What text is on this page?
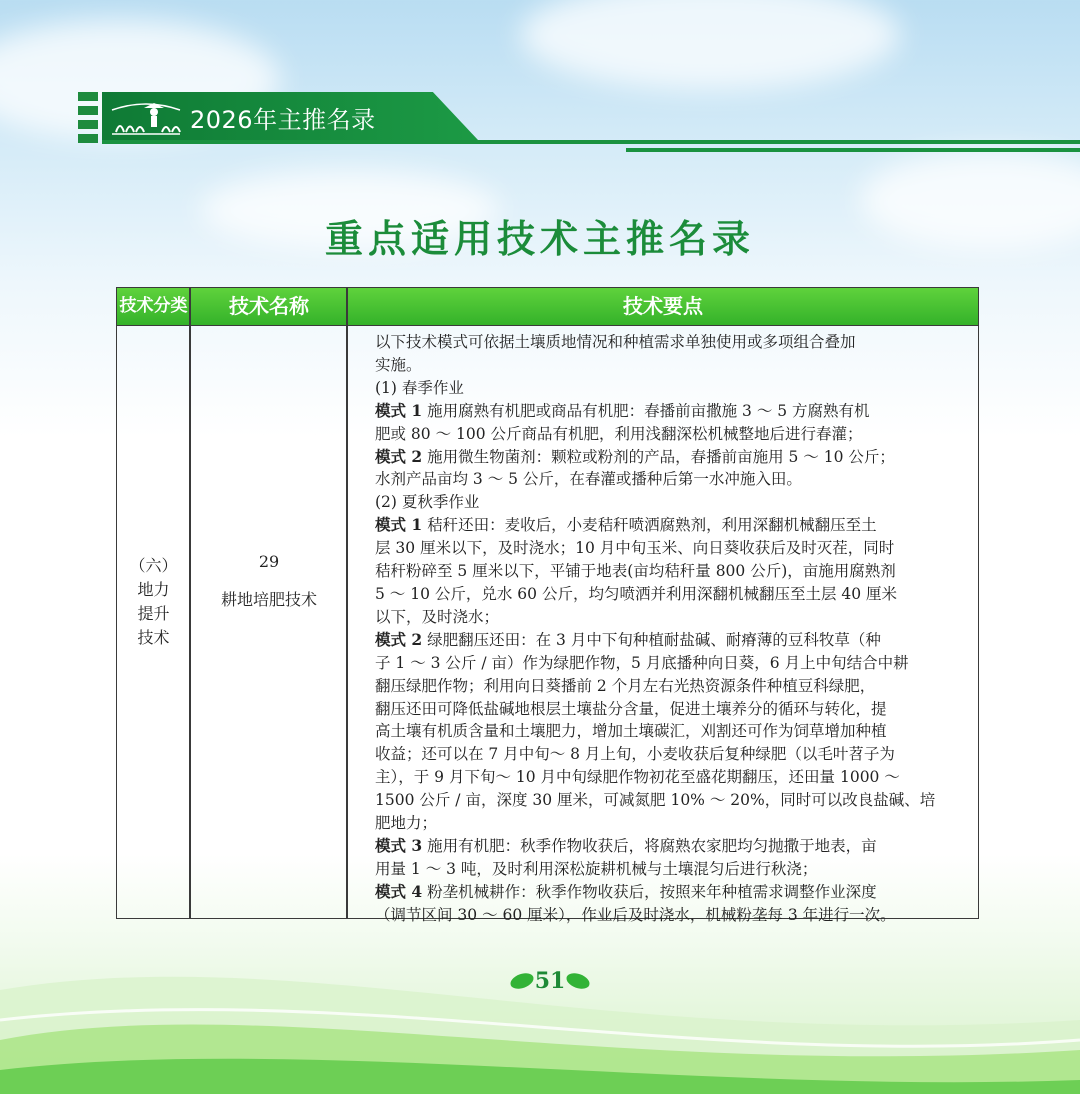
2026年主推名录
重点适用技术主推名录
技术分类	技术名称	技术要点
（六）
地力
提升
技术
29
耕地培肥技术
以下技术模式可依据土壤质地情况和种植需求单独使用或多项组合叠加
实施。
(1) 春季作业
模式 1 施用腐熟有机肥或商品有机肥：春播前亩撒施 3 ～ 5 方腐熟有机
肥或 80 ～ 100 公斤商品有机肥，利用浅翻深松机械整地后进行春灌；
模式 2 施用微生物菌剂：颗粒或粉剂的产品，春播前亩施用 5 ～ 10 公斤；
水剂产品亩均 3 ～ 5 公斤，在春灌或播种后第一水冲施入田。
(2) 夏秋季作业
模式 1 秸秆还田：麦收后，小麦秸秆喷洒腐熟剂，利用深翻机械翻压至土
层 30 厘米以下，及时浇水；10 月中旬玉米、向日葵收获后及时灭茬，同时
秸秆粉碎至 5 厘米以下，平铺于地表(亩均秸秆量 800 公斤)，亩施用腐熟剂
5 ～ 10 公斤，兑水 60 公斤，均匀喷洒并利用深翻机械翻压至土层 40 厘米
以下，及时浇水；
模式 2 绿肥翻压还田：在 3 月中下旬种植耐盐碱、耐瘠薄的豆科牧草（种
子 1 ～ 3 公斤 / 亩）作为绿肥作物，5 月底播种向日葵，6 月上中旬结合中耕
翻压绿肥作物；利用向日葵播前 2 个月左右光热资源条件种植豆科绿肥，
翻压还田可降低盐碱地根层土壤盐分含量，促进土壤养分的循环与转化，提
高土壤有机质含量和土壤肥力，增加土壤碳汇，刈割还可作为饲草增加种植
收益；还可以在 7 月中旬～ 8 月上旬，小麦收获后复种绿肥（以毛叶苕子为
主），于 9 月下旬～ 10 月中旬绿肥作物初花至盛花期翻压，还田量 1000 ～
1500 公斤 / 亩，深度 30 厘米，可减氮肥 10% ～ 20%，同时可以改良盐碱、培
肥地力；
模式 3 施用有机肥：秋季作物收获后，将腐熟农家肥均匀抛撒于地表，亩
用量 1 ～ 3 吨，及时利用深松旋耕机械与土壤混匀后进行秋浇；
模式 4 粉垄机械耕作：秋季作物收获后，按照来年种植需求调整作业深度
（调节区间 30 ～ 60 厘米），作业后及时浇水，机械粉垄每 3 年进行一次。
51
